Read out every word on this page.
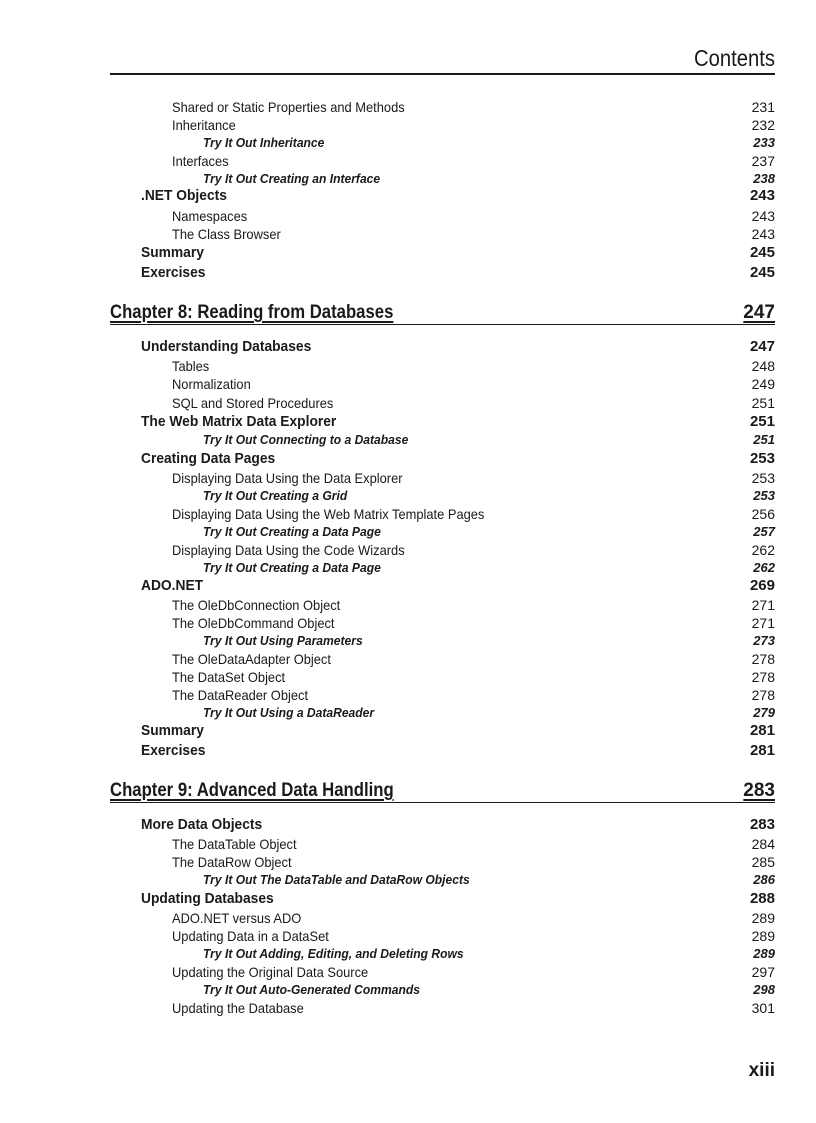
Contents
Shared or Static Properties and Methods	231
Inheritance	232
Try It Out Inheritance	233
Interfaces	237
Try It Out Creating an Interface	238
.NET Objects	243
Namespaces	243
The Class Browser	243
Summary	245
Exercises	245
Chapter 8: Reading from Databases	247
Understanding Databases	247
Tables	248
Normalization	249
SQL and Stored Procedures	251
The Web Matrix Data Explorer	251
Try It Out Connecting to a Database	251
Creating Data Pages	253
Displaying Data Using the Data Explorer	253
Try It Out Creating a Grid	253
Displaying Data Using the Web Matrix Template Pages	256
Try It Out Creating a Data Page	257
Displaying Data Using the Code Wizards	262
Try It Out Creating a Data Page	262
ADO.NET	269
The OleDbConnection Object	271
The OleDbCommand Object	271
Try It Out Using Parameters	273
The OleDataAdapter Object	278
The DataSet Object	278
The DataReader Object	278
Try It Out Using a DataReader	279
Summary	281
Exercises	281
Chapter 9: Advanced Data Handling	283
More Data Objects	283
The DataTable Object	284
The DataRow Object	285
Try It Out The DataTable and DataRow Objects	286
Updating Databases	288
ADO.NET versus ADO	289
Updating Data in a DataSet	289
Try It Out Adding, Editing, and Deleting Rows	289
Updating the Original Data Source	297
Try It Out Auto-Generated Commands	298
Updating the Database	301
xiii
